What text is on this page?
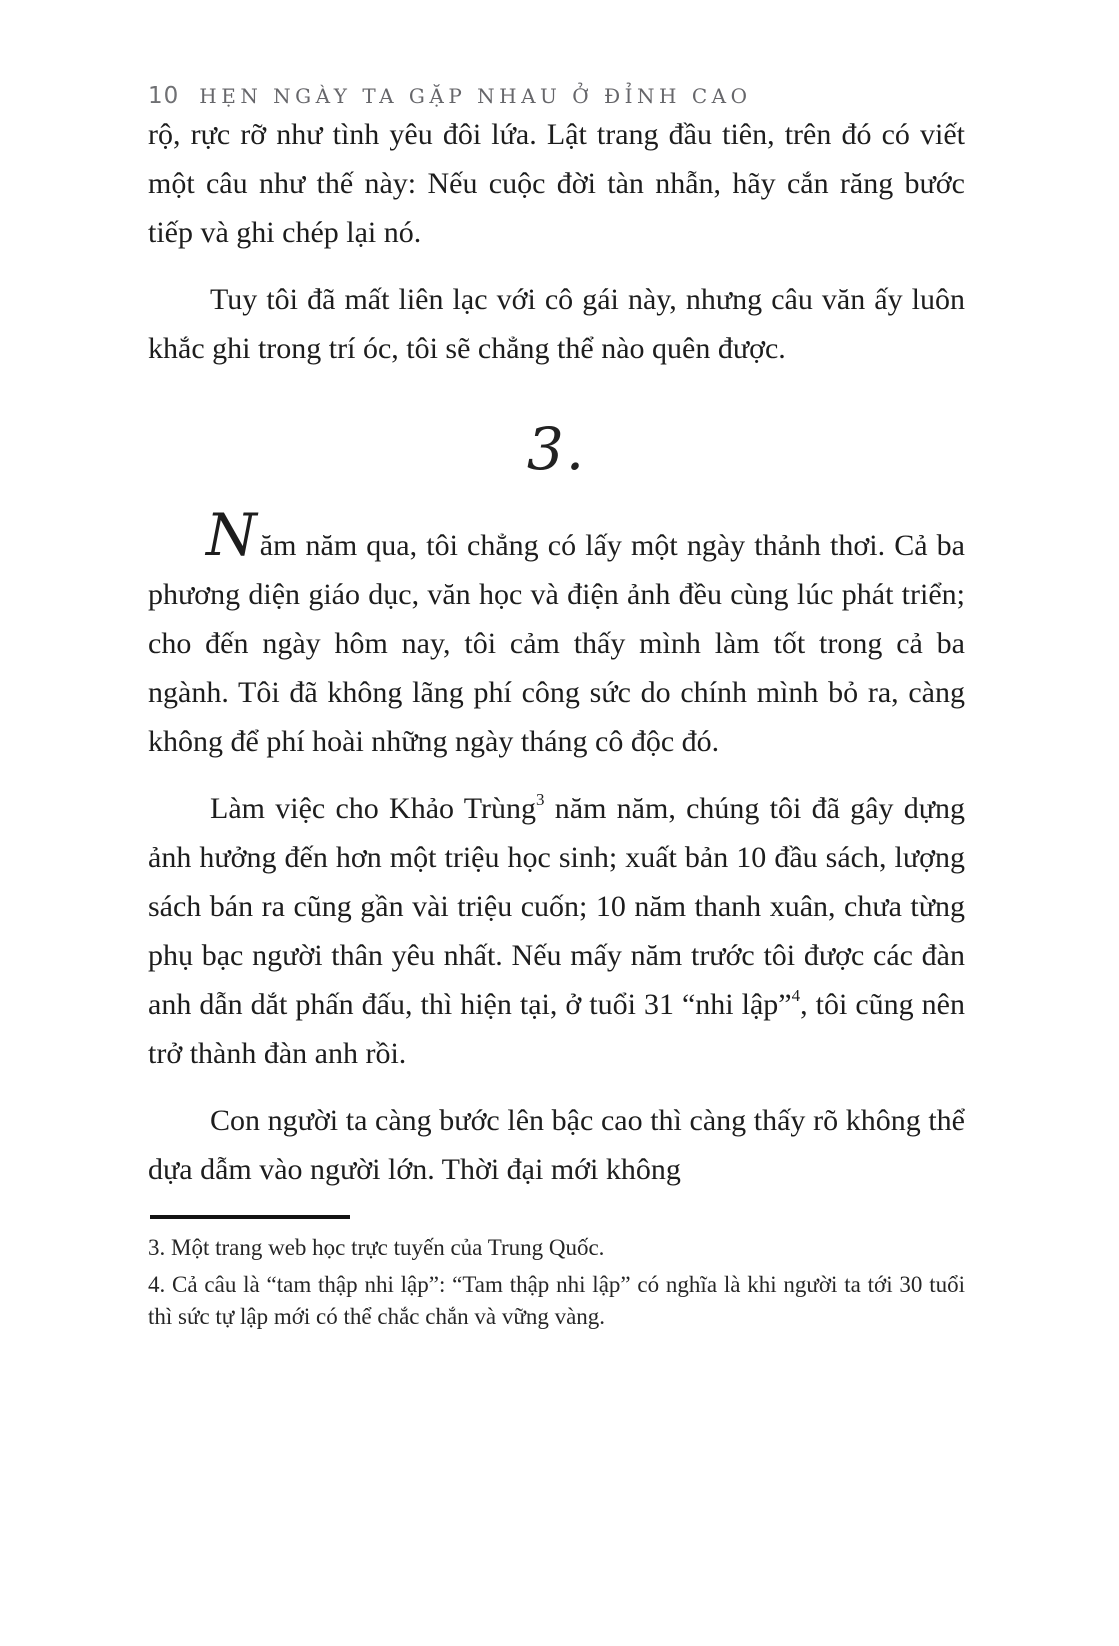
10 HẸN NGÀY TA GẶP NHAU Ở ĐỈNH CAO

rộ, rực rỡ như tình yêu đôi lứa. Lật trang đầu tiên, trên đó có viết một câu như thế này: Nếu cuộc đời tàn nhẫn, hãy cắn răng bước tiếp và ghi chép lại nó.

Tuy tôi đã mất liên lạc với cô gái này, nhưng câu văn ấy luôn khắc ghi trong trí óc, tôi sẽ chẳng thể nào quên được.

3.

Năm năm qua, tôi chẳng có lấy một ngày thảnh thơi. Cả ba phương diện giáo dục, văn học và điện ảnh đều cùng lúc phát triển; cho đến ngày hôm nay, tôi cảm thấy mình làm tốt trong cả ba ngành. Tôi đã không lãng phí công sức do chính mình bỏ ra, càng không để phí hoài những ngày tháng cô độc đó.

Làm việc cho Khảo Trùng$^3$ năm năm, chúng tôi đã gây dựng ảnh hưởng đến hơn một triệu học sinh; xuất bản 10 đầu sách, lượng sách bán ra cũng gần vài triệu cuốn; 10 năm thanh xuân, chưa từng phụ bạc người thân yêu nhất. Nếu mấy năm trước tôi được các đàn anh dẫn dắt phấn đấu, thì hiện tại, ở tuổi 31 “nhi lập”$^4$, tôi cũng nên trở thành đàn anh rồi.

Con người ta càng bước lên bậc cao thì càng thấy rõ không thể dựa dẫm vào người lớn. Thời đại mới không

3. Một trang web học trực tuyến của Trung Quốc.

4. Cả câu là “tam thập nhi lập”: “Tam thập nhi lập” có nghĩa là khi người ta tới 30 tuổi thì sức tự lập mới có thể chắc chắn và vững vàng.
